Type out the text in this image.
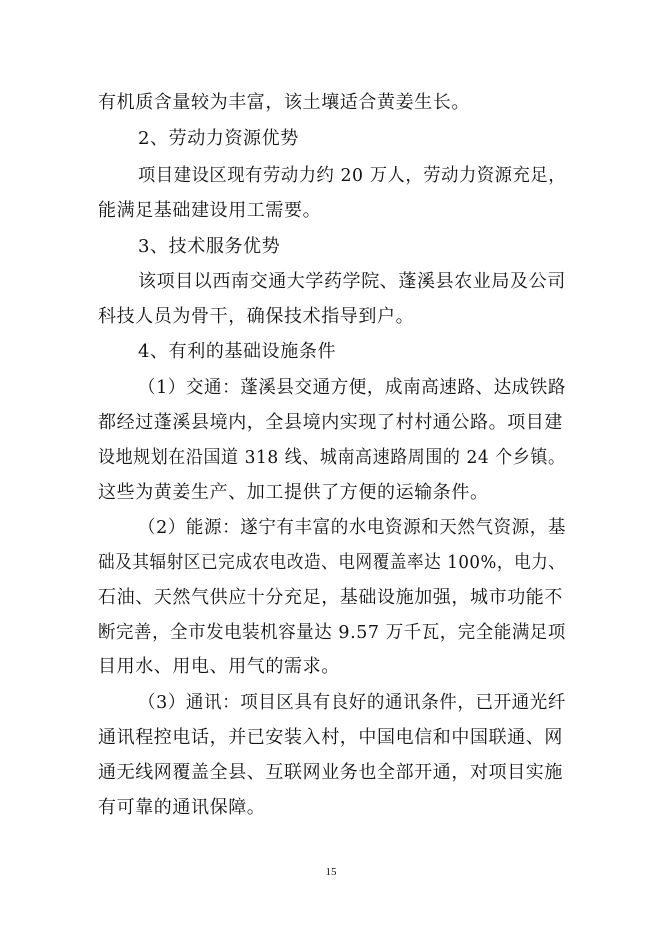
有机质含量较为丰富，该土壤适合黄姜生长。
2、劳动力资源优势
项目建设区现有劳动力约 20 万人，劳动力资源充足，
能满足基础建设用工需要。
3、技术服务优势
该项目以西南交通大学药学院、蓬溪县农业局及公司
科技人员为骨干，确保技术指导到户。
4、有利的基础设施条件
（1）交通：蓬溪县交通方便，成南高速路、达成铁路
都经过蓬溪县境内，全县境内实现了村村通公路。项目建
设地规划在沿国道 318 线、城南高速路周围的 24 个乡镇。
这些为黄姜生产、加工提供了方便的运输条件。
（2）能源：遂宁有丰富的水电资源和天然气资源，基
础及其辐射区已完成农电改造、电网覆盖率达 100%，电力、
石油、天然气供应十分充足，基础设施加强，城市功能不
断完善，全市发电装机容量达 9.57 万千瓦，完全能满足项
目用水、用电、用气的需求。
（3）通讯：项目区具有良好的通讯条件，已开通光纤
通讯程控电话，并已安装入村，中国电信和中国联通、网
通无线网覆盖全县、互联网业务也全部开通，对项目实施
有可靠的通讯保障。
15
